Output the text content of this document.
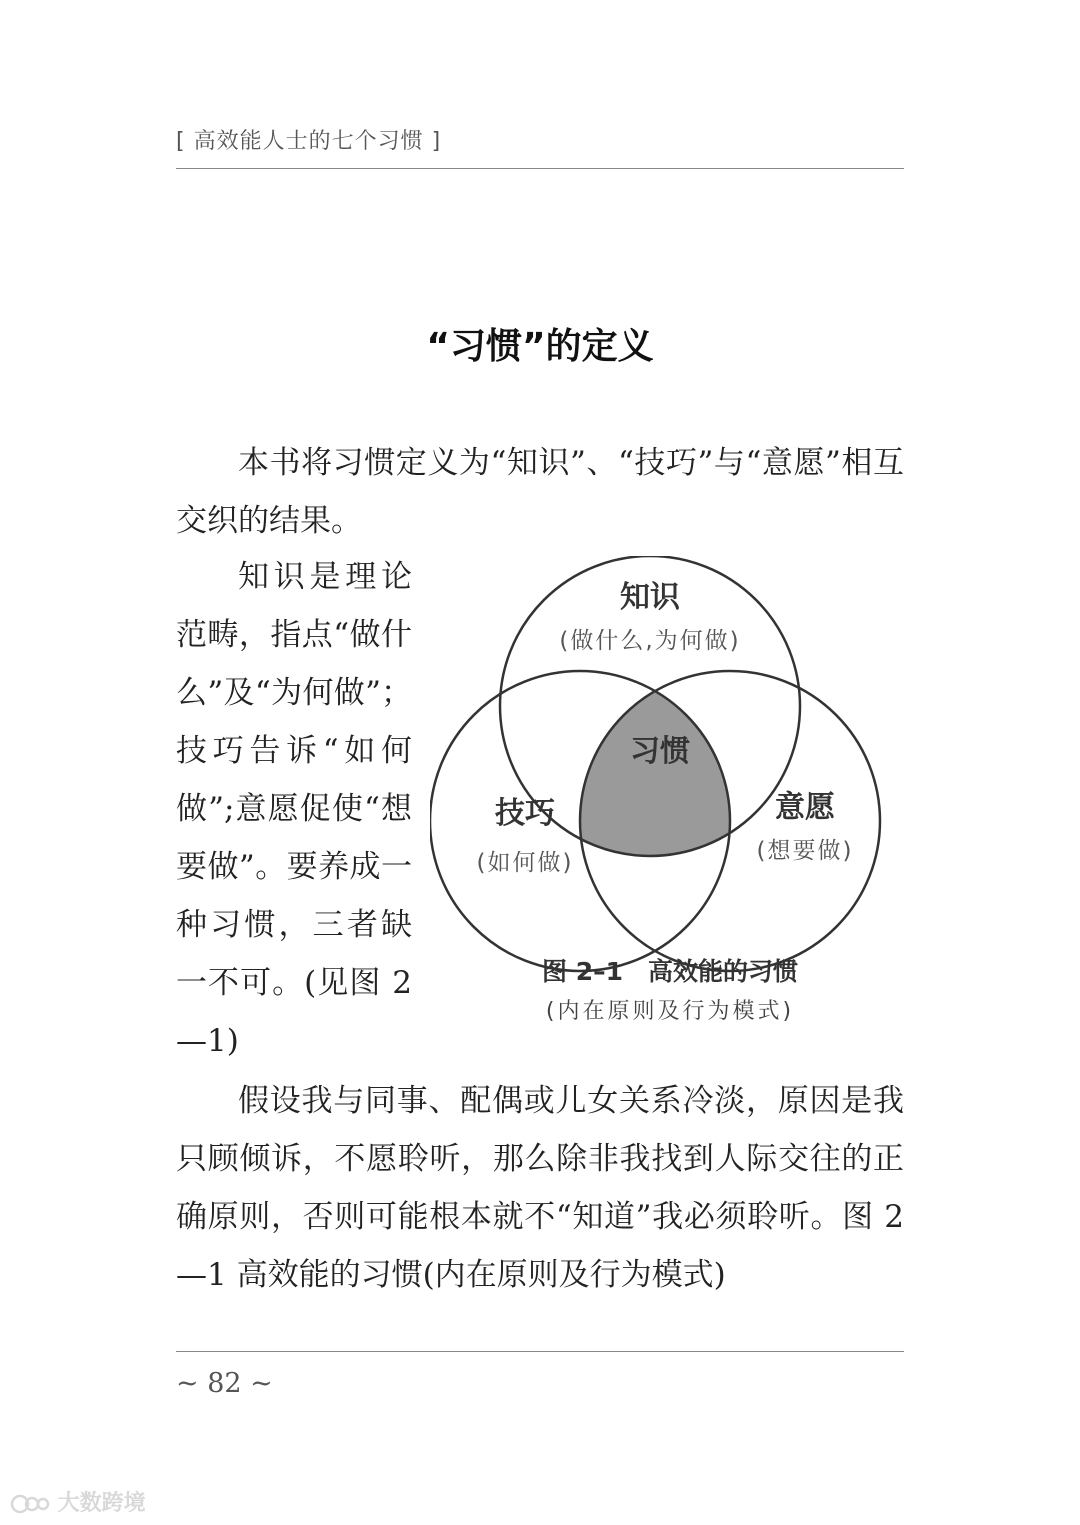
[ 高效能人士的七个习惯 ]
“习惯”的定义

本书将习惯定义为“知识”、“技巧”与“意愿”相互交织的结果。

知识是理论范畴，指点“做什么”及“为何做”；技巧告诉“如何做”;意愿促使“想要做”。要养成一种习惯，三者缺一不可。(见图 2—1)

知识
(做什么,为何做)
习惯
技巧
(如何做)
意愿
(想要做)
图 2–1　高效能的习惯
(内在原则及行为模式)

假设我与同事、配偶或儿女关系冷淡，原因是我只顾倾诉，不愿聆听，那么除非我找到人际交往的正确原则，否则可能根本就不“知道”我必须聆听。图 2—1 高效能的习惯(内在原则及行为模式)

~ 82 ~
大数跨境
